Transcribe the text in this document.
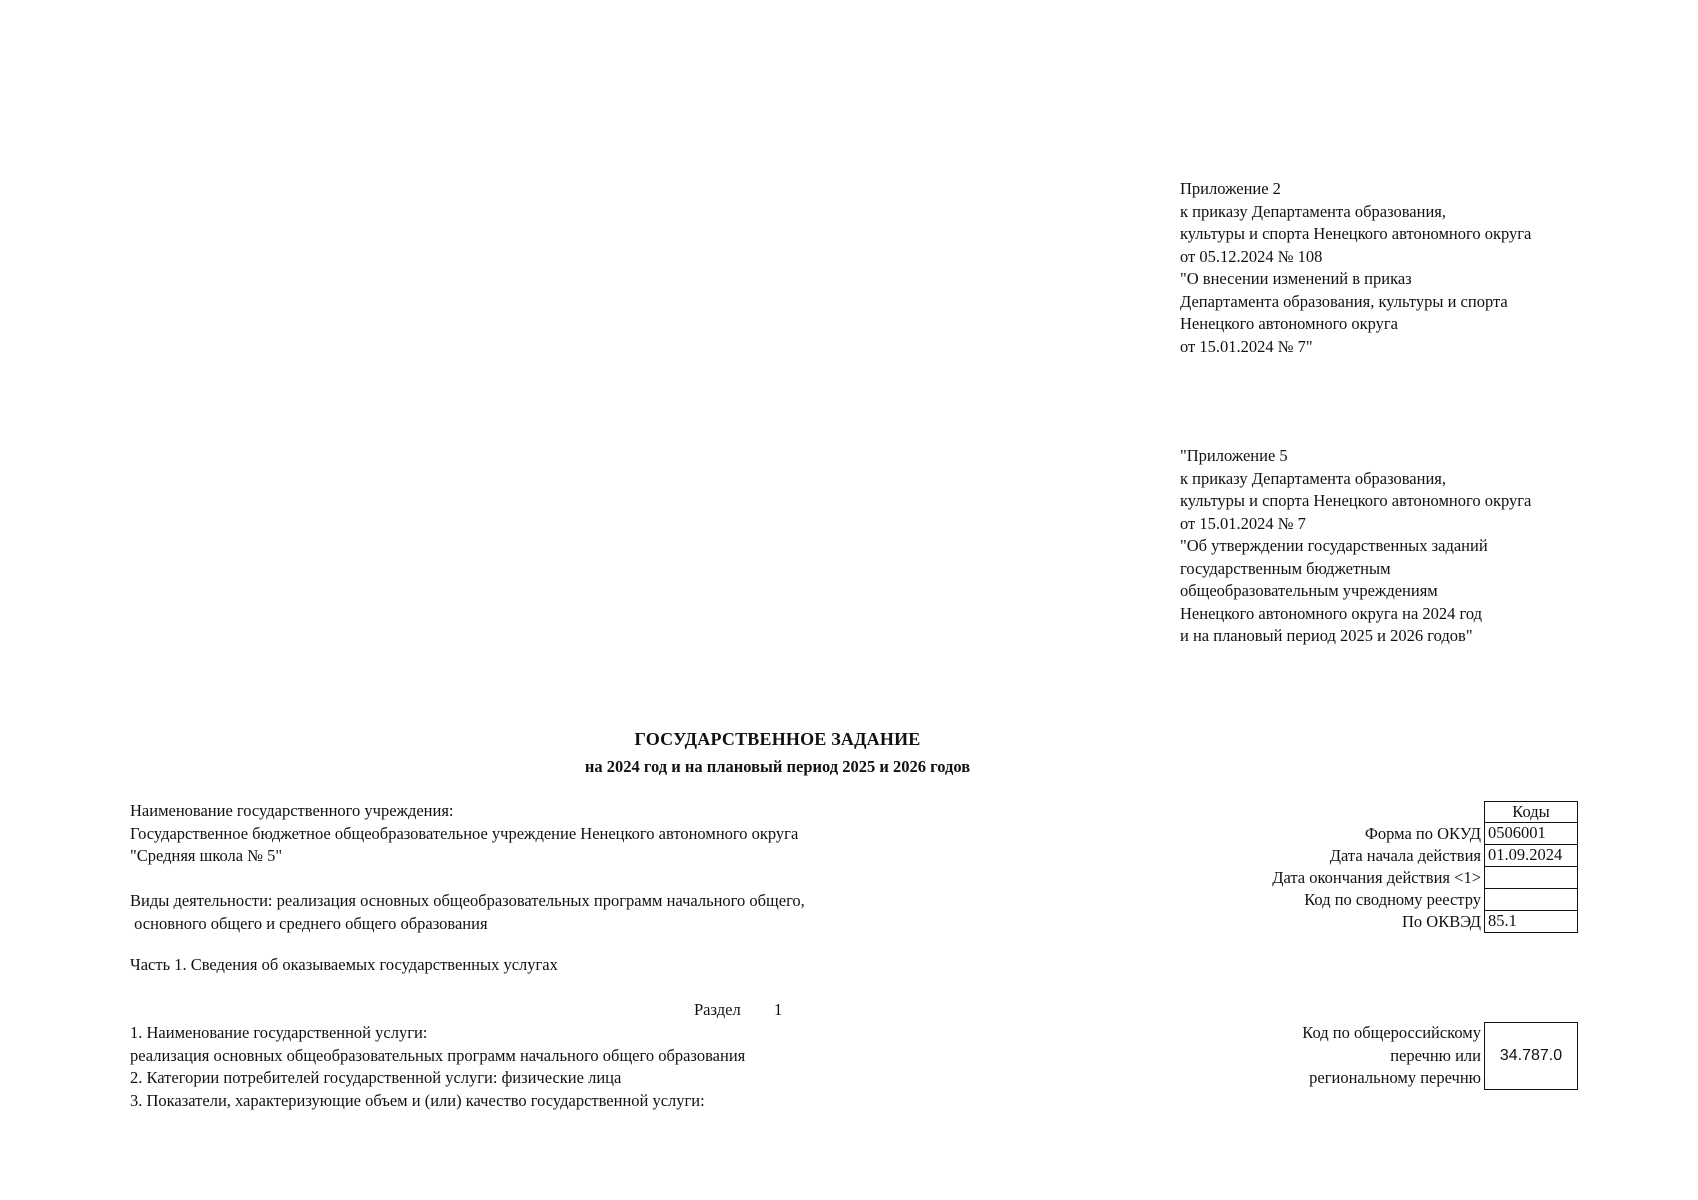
Приложение 2
к приказу Департамента образования,
культуры и спорта Ненецкого автономного округа
от 05.12.2024 № 108
"О внесении изменений в приказ
Департамента образования, культуры и спорта
Ненецкого автономного округа
от 15.01.2024 № 7"
"Приложение 5
к приказу Департамента образования,
культуры и спорта Ненецкого автономного округа
от 15.01.2024 № 7
"Об утверждении государственных заданий
государственным бюджетным
общеобразовательным учреждениям
Ненецкого автономного округа на 2024 год
и на плановый период 2025 и 2026 годов"
ГОСУДАРСТВЕННОЕ ЗАДАНИЕ
на 2024 год и на плановый период 2025 и 2026 годов
Наименование государственного учреждения:
Государственное бюджетное общеобразовательное учреждение Ненецкого автономного округа
"Средняя школа № 5"
Виды деятельности: реализация основных общеобразовательных программ начального общего,
основного общего и среднего общего образования
Коды
Форма по ОКУД 0506001
Дата начала действия 01.09.2024
Дата окончания действия <1>
Код по сводному реестру
По ОКВЭД 85.1
Часть 1. Сведения об оказываемых государственных услугах
Раздел 1
1. Наименование государственной услуги:
реализация основных общеобразовательных программ начального общего образования
2. Категории потребителей государственной услуги: физические лица
3. Показатели, характеризующие объем и (или) качество государственной услуги:
Код по общероссийскому
перечню или
региональному перечню
34.787.0
